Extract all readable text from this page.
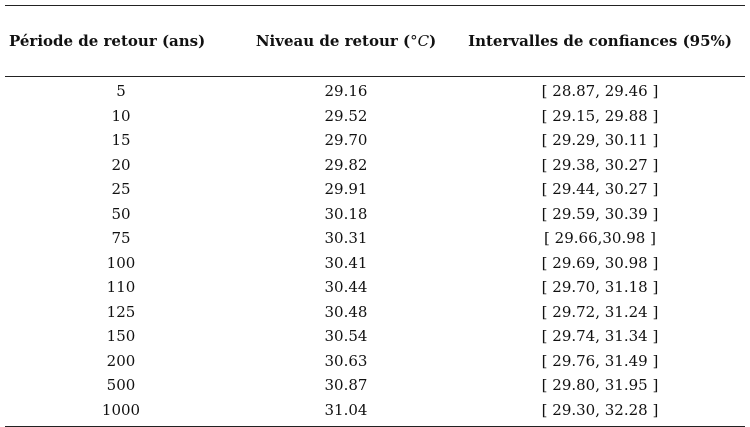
Période de retour (ans)	Niveau de retour (°C)	Intervalles de confiances (95%)
5	29.16	[ 28.87, 29.46 ]
10	29.52	[ 29.15, 29.88 ]
15	29.70	[ 29.29, 30.11 ]
20	29.82	[ 29.38, 30.27 ]
25	29.91	[ 29.44, 30.27 ]
50	30.18	[ 29.59, 30.39 ]
75	30.31	[ 29.66,30.98 ]
100	30.41	[ 29.69, 30.98 ]
110	30.44	[ 29.70, 31.18 ]
125	30.48	[ 29.72, 31.24 ]
150	30.54	[ 29.74, 31.34 ]
200	30.63	[ 29.76, 31.49 ]
500	30.87	[ 29.80, 31.95 ]
1000	31.04	[ 29.30, 32.28 ]
